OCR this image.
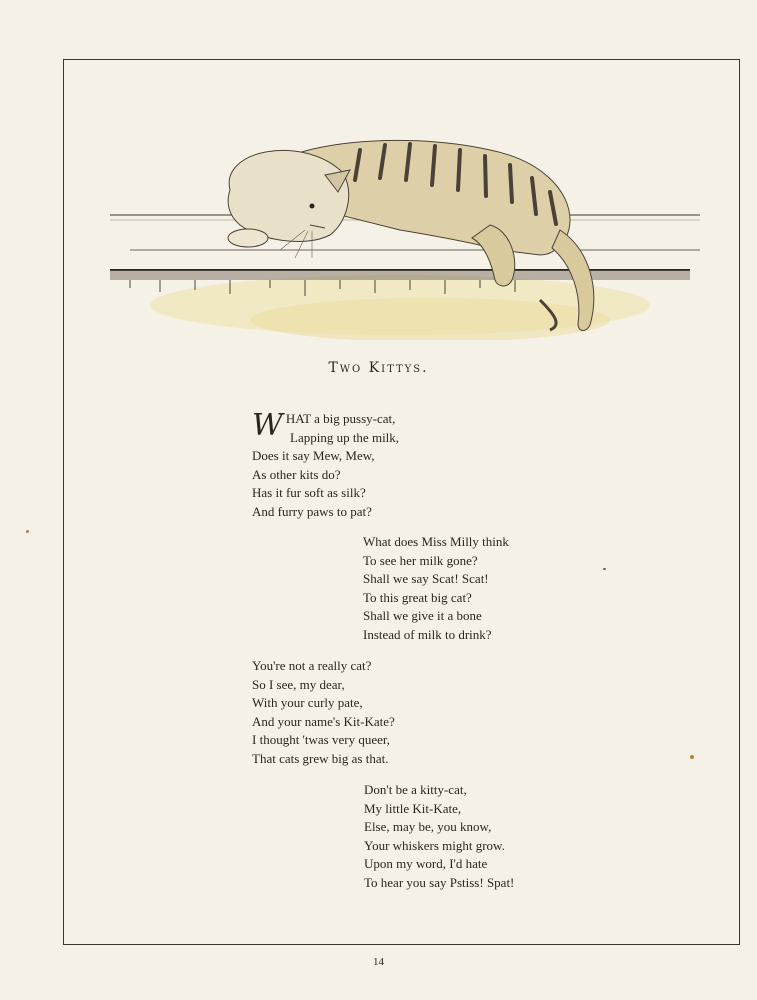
Two Kittys.
WHAT a big pussy-cat,
Lapping up the milk,
Does it say Mew, Mew,
As other kits do?
Has it fur soft as silk?
And furry paws to pat?
What does Miss Milly think
To see her milk gone?
Shall we say Scat! Scat!
To this great big cat?
Shall we give it a bone
Instead of milk to drink?
You're not a really cat?
So I see, my dear,
With your curly pate,
And your name's Kit-Kate?
I thought 'twas very queer,
That cats grew big as that.
Don't be a kitty-cat,
My little Kit-Kate,
Else, may be, you know,
Your whiskers might grow.
Upon my word, I'd hate
To hear you say Pstiss! Spat!
14
